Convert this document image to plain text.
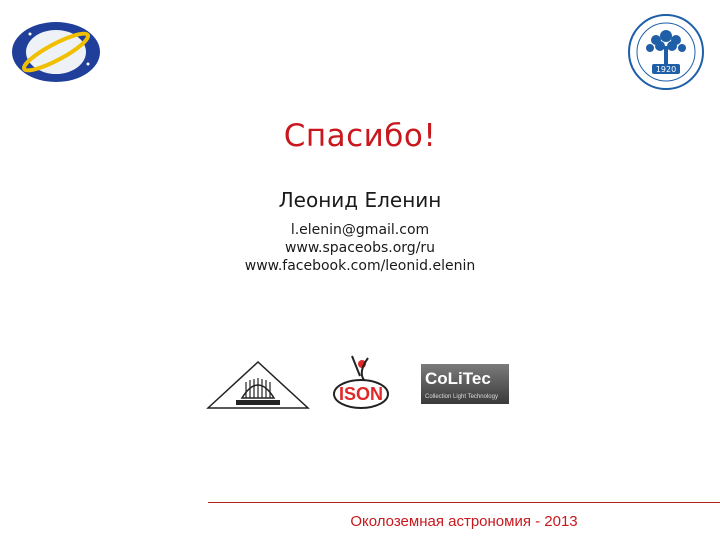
1920
Спасибо!
Леонид Еленин
l.elenin@gmail.com
www.spaceobs.org/ru
www.facebook.com/leonid.elenin
ISON
CoLiTec
Collection Light Technology
Околоземная астрономия - 2013
